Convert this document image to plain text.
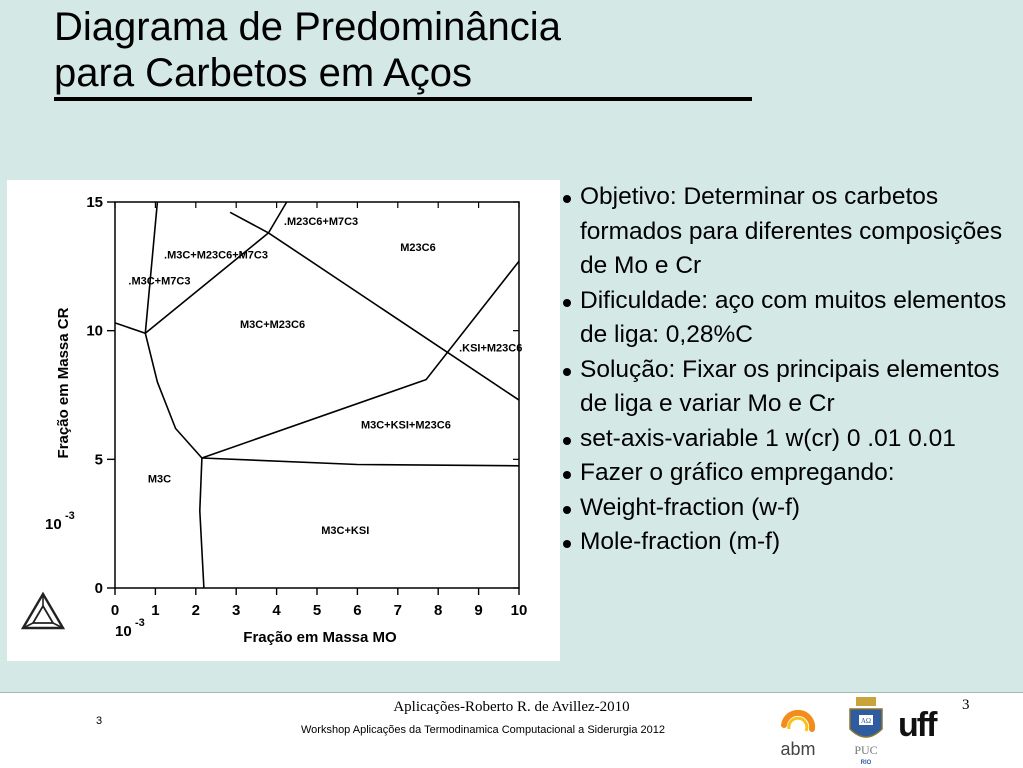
Diagrama de Predominância
para Carbetos em Aços
0 1 2 3 4 5 6 7 8 9 10
0
5
10
15
.M23C6+M7C3
.M3C+M23C6+M7C3
M23C6
.M3C+M7C3
M3C+M23C6
.KSI+M23C6
M3C+KSI+M23C6
M3C
M3C+KSI
Fração em Massa CR
Fração em Massa MO
10 -3
10 -3
Objetivo: Determinar os carbetos formados para diferentes composições de Mo e Cr
Dificuldade: aço com muitos elementos de liga: 0,28%C
Solução: Fixar os principais elementos de liga e variar Mo e Cr
set-axis-variable 1 w(cr) 0 .01 0.01
Fazer o gráfico empregando:
Weight-fraction (w-f)
Mole-fraction (m-f)
3
Aplicações-Roberto R. de Avillez-2010
Workshop Aplicações da Termodinamica Computacional a Siderurgia 2012
3
abm
AΩ
PUC
RIO
uff
